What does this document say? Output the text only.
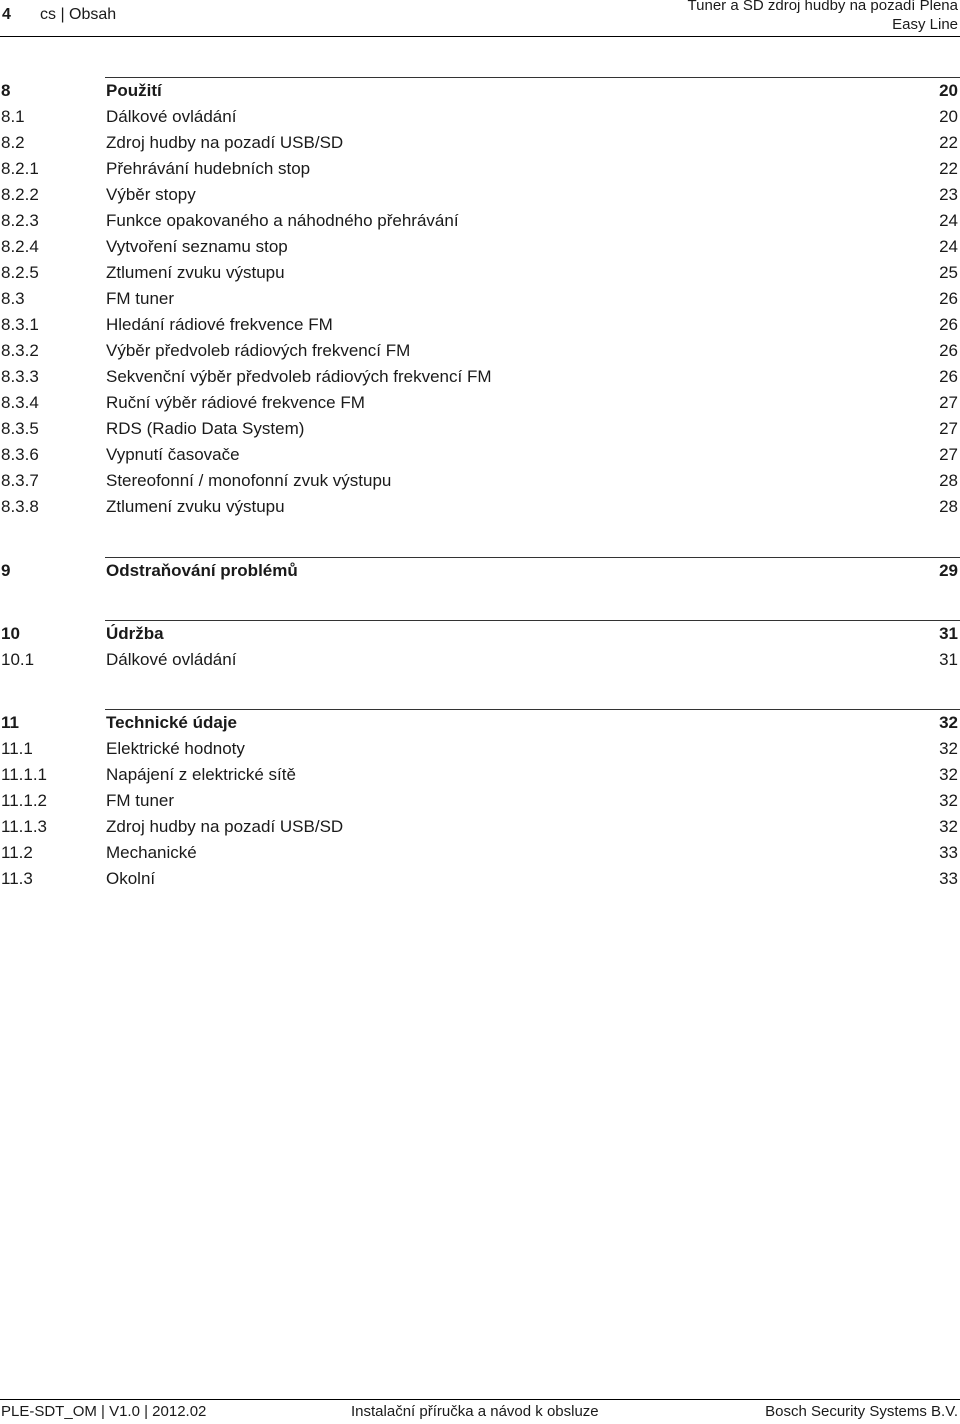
4 cs | Obsah
Tuner a SD zdroj hudby na pozadí Plena
Easy Line
8	Použití	20
8.1	Dálkové ovládání	20
8.2	Zdroj hudby na pozadí USB/SD	22
8.2.1	Přehrávání hudebních stop	22
8.2.2	Výběr stopy	23
8.2.3	Funkce opakovaného a náhodného přehrávání	24
8.2.4	Vytvoření seznamu stop	24
8.2.5	Ztlumení zvuku výstupu	25
8.3	FM tuner	26
8.3.1	Hledání rádiové frekvence FM	26
8.3.2	Výběr předvoleb rádiových frekvencí FM	26
8.3.3	Sekvenční výběr předvoleb rádiových frekvencí FM	26
8.3.4	Ruční výběr rádiové frekvence FM	27
8.3.5	RDS (Radio Data System)	27
8.3.6	Vypnutí časovače	27
8.3.7	Stereofonní / monofonní zvuk výstupu	28
8.3.8	Ztlumení zvuku výstupu	28
9	Odstraňování problémů	29
10	Údržba	31
10.1	Dálkové ovládání	31
11	Technické údaje	32
11.1	Elektrické hodnoty	32
11.1.1	Napájení z elektrické sítě	32
11.1.2	FM tuner	32
11.1.3	Zdroj hudby na pozadí USB/SD	32
11.2	Mechanické	33
11.3	Okolní	33
PLE-SDT_OM | V1.0 | 2012.02	Instalační příručka a návod k obsluze	Bosch Security Systems B.V.
